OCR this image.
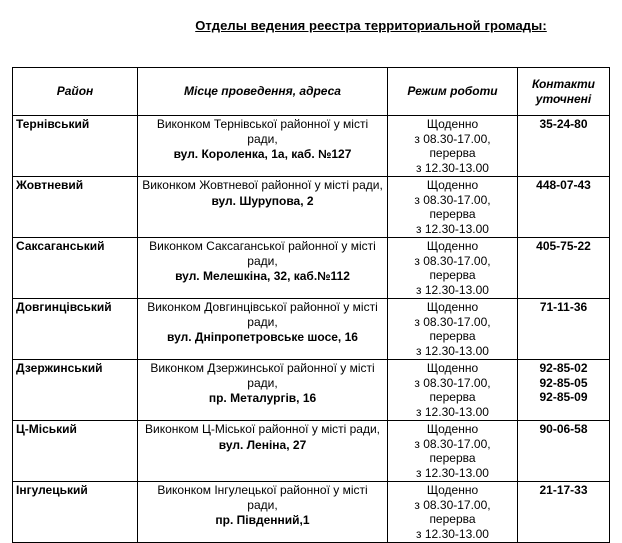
Отделы ведения реестра территориальной громады:
Район	Місце проведення, адреса	Режим роботи	Контакти уточнені
Тернівський	Виконком Тернівської районної у місті ради,
вул. Короленка, 1а, каб. №127	Щоденно
з 08.30-17.00,
перерва
з 12.30-13.00	35-24-80

Жовтневий	Виконком Жовтневої районної у місті ради,
вул. Шурупова, 2	Щоденно
з 08.30-17.00,
перерва
з 12.30-13.00	448-07-43

Саксаганський	Виконком Саксаганської районної у місті ради,
вул. Мелешкіна, 32, каб.№112	Щоденно
з 08.30-17.00,
перерва
з 12.30-13.00	405-75-22

Довгинцівський	Виконком Довгинцівської районної у місті ради,
вул. Дніпропетровське шосе, 16	Щоденно
з 08.30-17.00,
перерва
з 12.30-13.00	71-11-36

Дзержинський	Виконком Дзержинської районної у місті ради,
пр. Металургів, 16	Щоденно
з 08.30-17.00,
перерва
з 12.30-13.00	92-85-02
92-85-05
92-85-09

Ц-Міський	Виконком Ц-Міської районної у місті ради,
вул. Леніна, 27	Щоденно
з 08.30-17.00,
перерва
з 12.30-13.00	90-06-58

Інгулецький	Виконком Інгулецької районної у місті ради,
пр. Південний,1	Щоденно
з 08.30-17.00,
перерва
з 12.30-13.00	21-17-33
